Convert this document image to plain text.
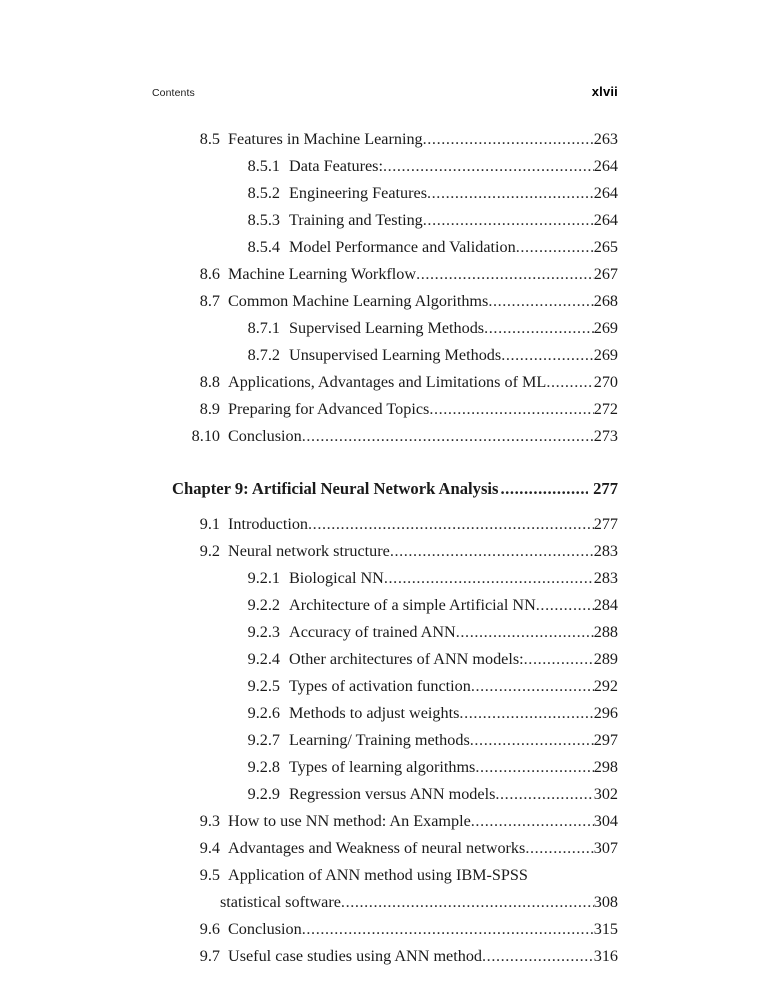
Contents	xlvii
8.5 Features in Machine Learning .....	263
8.5.1 Data Features: .....	264
8.5.2 Engineering Features .....	264
8.5.3 Training and Testing .....	264
8.5.4 Model Performance and Validation .....	265
8.6 Machine Learning Workflow .....	267
8.7 Common Machine Learning Algorithms .....	268
8.7.1 Supervised Learning Methods .....	269
8.7.2 Unsupervised Learning Methods .....	269
8.8 Applications, Advantages and Limitations of ML .....	270
8.9 Preparing for Advanced Topics .....	272
8.10 Conclusion .....	273
Chapter 9: Artificial Neural Network Analysis .....	277
9.1 Introduction .....	277
9.2 Neural network structure .....	283
9.2.1 Biological NN .....	283
9.2.2 Architecture of a simple Artificial NN .....	284
9.2.3 Accuracy of trained ANN .....	288
9.2.4 Other architectures of ANN models: .....	289
9.2.5 Types of activation function .....	292
9.2.6 Methods to adjust weights .....	296
9.2.7 Learning/ Training methods .....	297
9.2.8 Types of learning algorithms .....	298
9.2.9 Regression versus ANN models .....	302
9.3 How to use NN method: An Example .....	304
9.4 Advantages and Weakness of neural networks .....	307
9.5 Application of ANN method using IBM-SPSS
statistical software .....	308
9.6 Conclusion .....	315
9.7 Useful case studies using ANN method .....	316
